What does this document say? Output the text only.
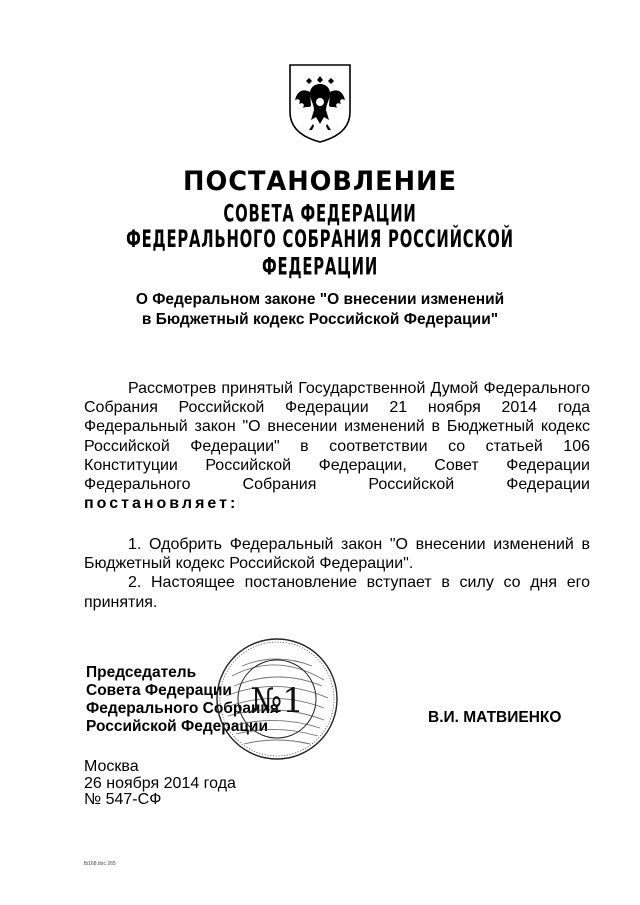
ПОСТАНОВЛЕНИЕ
СОВЕТА ФЕДЕРАЦИИ
ФЕДЕРАЛЬНОГО СОБРАНИЯ РОССИЙСКОЙ ФЕДЕРАЦИИ
О Федеральном законе "О внесении изменений
в Бюджетный кодекс Российской Федерации"
Рассмотрев принятый Государственной Думой Федерального
Собрания Российской Федерации 21 ноября 2014 года
Федеральный закон "О внесении изменений в Бюджетный кодекс
Российской Федерации" в соответствии со статьей 106
Конституции Российской Федерации, Совет Федерации
Федерального Собрания Российской Федерации
постановляет:
1. Одобрить Федеральный закон "О внесении изменений в
Бюджетный кодекс Российской Федерации".
2. Настоящее постановление вступает в силу со дня его
принятия.
Председатель
Совета Федерации
Федерального Собрания
Российской Федерации
В.И. МАТВИЕНКО
№1
Москва
26 ноября 2014 года
№ 547-СФ
fb168.doc 265
